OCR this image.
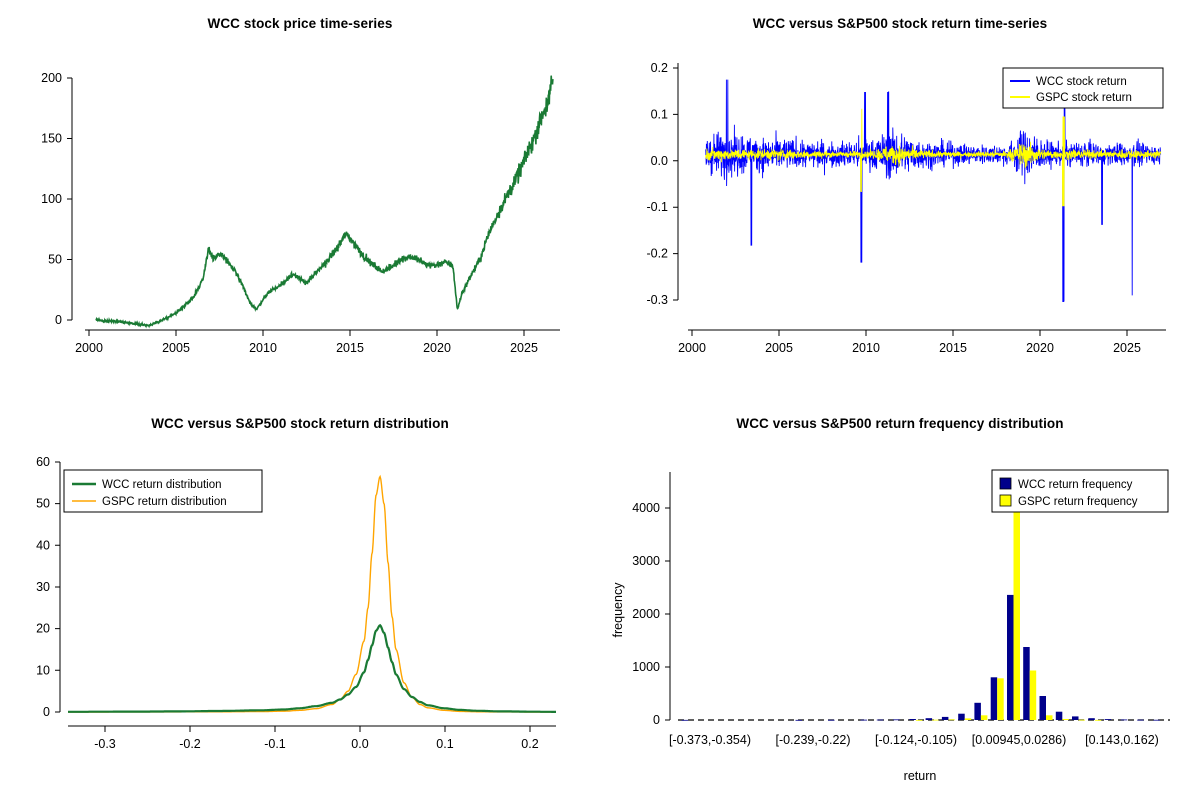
WCC stock price time-series
0
50
100
150
200
2000	2005	2010	2015	2020	2025
WCC versus S&P500 stock return time-series
-0.3
-0.2
-0.1
0.0
0.1
0.2
2000	2005	2010	2015	2020	2025
WCC stock return
GSPC stock return
WCC versus S&P500 stock return distribution
0
10
20
30
40
50
60
-0.3	-0.2	-0.1	0.0	0.1	0.2
WCC return distribution
GSPC return distribution
WCC versus S&P500 return frequency distribution
0
1000
2000
3000
4000
frequency
return
[-0.373,-0.354) [-0.239,-0.22) [-0.124,-0.105) [0.00945,0.0286) [0.143,0.162)
WCC return frequency
GSPC return frequency
